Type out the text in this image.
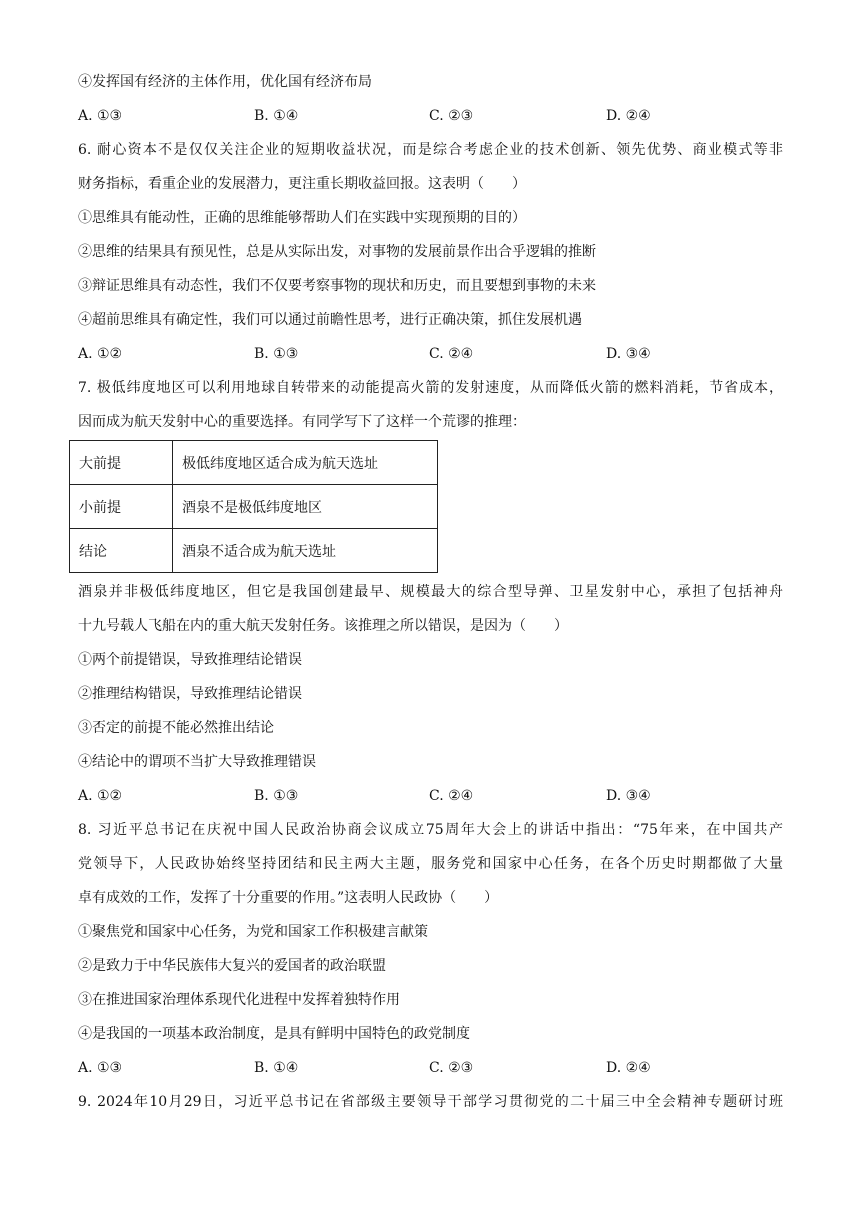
④发挥国有经济的主体作用，优化国有经济布局
A. ①③	B. ①④	C. ②③	D. ②④
6. 耐心资本不是仅仅关注企业的短期收益状况，而是综合考虑企业的技术创新、领先优势、商业模式等非
财务指标，看重企业的发展潜力，更注重长期收益回报。这表明（　　）
①思维具有能动性，正确的思维能够帮助人们在实践中实现预期的目的）
②思维的结果具有预见性，总是从实际出发，对事物的发展前景作出合乎逻辑的推断
③辩证思维具有动态性，我们不仅要考察事物的现状和历史，而且要想到事物的未来
④超前思维具有确定性，我们可以通过前瞻性思考，进行正确决策，抓住发展机遇
A. ①②	B. ①③	C. ②④	D. ③④
7. 极低纬度地区可以利用地球自转带来的动能提高火箭的发射速度，从而降低火箭的燃料消耗，节省成本，
因而成为航天发射中心的重要选择。有同学写下了这样一个荒谬的推理：
大前提	极低纬度地区适合成为航天选址
小前提	酒泉不是极低纬度地区
结论	酒泉不适合成为航天选址
酒泉并非极低纬度地区，但它是我国创建最早、规模最大的综合型导弹、卫星发射中心，承担了包括神舟
十九号载人飞船在内的重大航天发射任务。该推理之所以错误，是因为（　　）
①两个前提错误，导致推理结论错误
②推理结构错误，导致推理结论错误
③否定的前提不能必然推出结论
④结论中的谓项不当扩大导致推理错误
A. ①②	B. ①③	C. ②④	D. ③④
8. 习近平总书记在庆祝中国人民政治协商会议成立75周年大会上的讲话中指出：“75年来，在中国共产
党领导下，人民政协始终坚持团结和民主两大主题，服务党和国家中心任务，在各个历史时期都做了大量
卓有成效的工作，发挥了十分重要的作用。”这表明人民政协（　　）
①聚焦党和国家中心任务，为党和国家工作积极建言献策
②是致力于中华民族伟大复兴的爱国者的政治联盟
③在推进国家治理体系现代化进程中发挥着独特作用
④是我国的一项基本政治制度，是具有鲜明中国特色的政党制度
A. ①③	B. ①④	C. ②③	D. ②④
9. 2024年10月29日，习近平总书记在省部级主要领导干部学习贯彻党的二十届三中全会精神专题研讨班
